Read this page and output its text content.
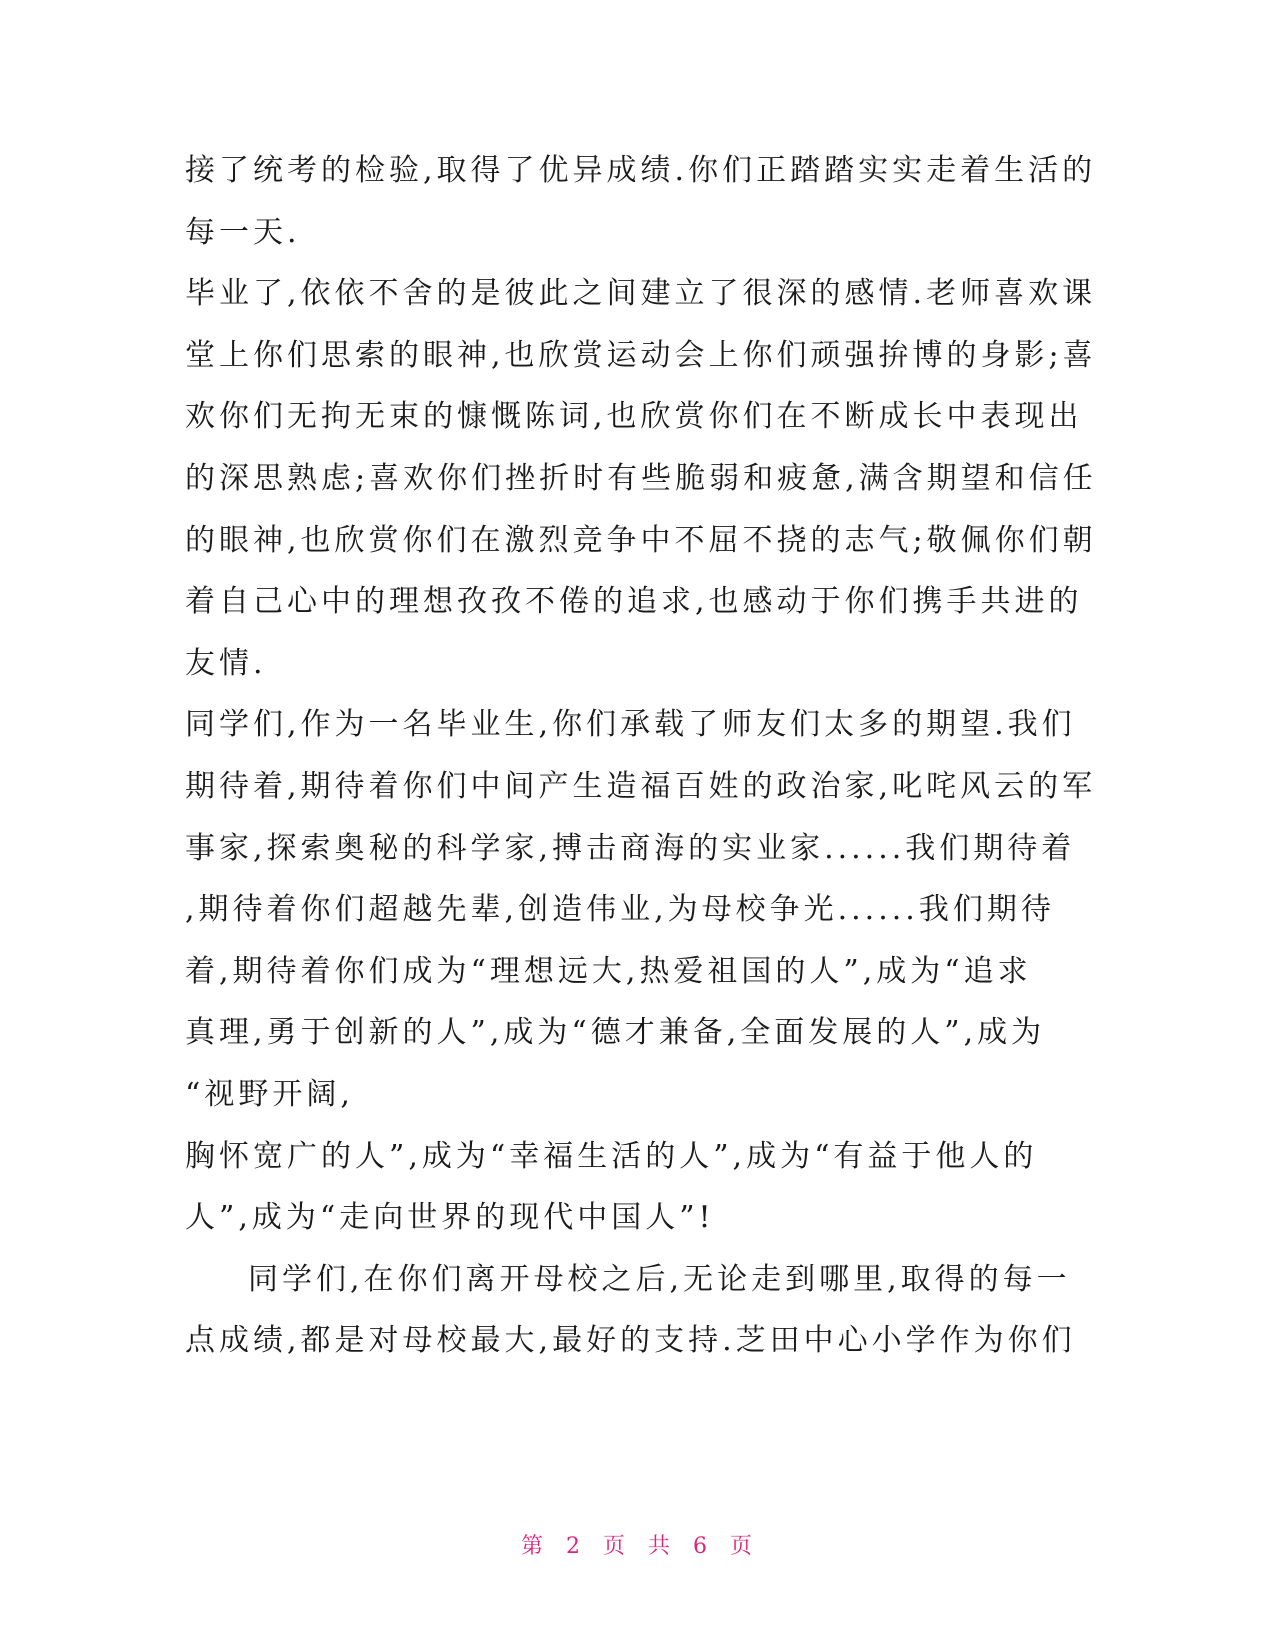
接了统考的检验,取得了优异成绩.你们正踏踏实实走着生活的
每一天.
毕业了,依依不舍的是彼此之间建立了很深的感情.老师喜欢课
堂上你们思索的眼神,也欣赏运动会上你们顽强拚博的身影;喜
欢你们无拘无束的慷慨陈词,也欣赏你们在不断成长中表现出
的深思熟虑;喜欢你们挫折时有些脆弱和疲惫,满含期望和信任
的眼神,也欣赏你们在激烈竞争中不屈不挠的志气;敬佩你们朝
着自己心中的理想孜孜不倦的追求,也感动于你们携手共进的
友情.
同学们,作为一名毕业生,你们承载了师友们太多的期望.我们
期待着,期待着你们中间产生造福百姓的政治家,叱咤风云的军
事家,探索奥秘的科学家,搏击商海的实业家......我们期待着
,期待着你们超越先辈,创造伟业,为母校争光......我们期待
着,期待着你们成为“理想远大,热爱祖国的人”,成为“追求
真理,勇于创新的人”,成为“德才兼备,全面发展的人”,成为
“视野开阔,
胸怀宽广的人”,成为“幸福生活的人”,成为“有益于他人的
人”,成为“走向世界的现代中国人”!
同学们,在你们离开母校之后,无论走到哪里,取得的每一
点成绩,都是对母校最大,最好的支持.芝田中心小学作为你们
第 2 页 共 6 页
